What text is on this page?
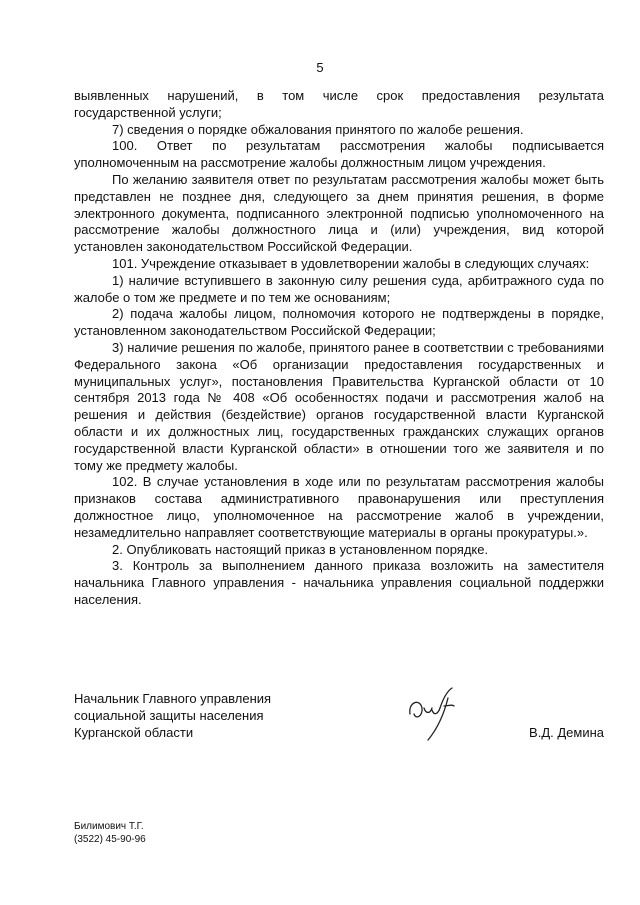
5

выявленных нарушений, в том числе срок предоставления результата государственной услуги;

7) сведения о порядке обжалования принятого по жалобе решения.

100. Ответ по результатам рассмотрения жалобы подписывается уполномоченным на рассмотрение жалобы должностным лицом учреждения.

По желанию заявителя ответ по результатам рассмотрения жалобы может быть представлен не позднее дня, следующего за днем принятия решения, в форме электронного документа, подписанного электронной подписью уполномоченного на рассмотрение жалобы должностного лица и (или) учреждения, вид которой установлен законодательством Российской Федерации.

101. Учреждение отказывает в удовлетворении жалобы в следующих случаях:

1) наличие вступившего в законную силу решения суда, арбитражного суда по жалобе о том же предмете и по тем же основаниям;

2) подача жалобы лицом, полномочия которого не подтверждены в порядке, установленном законодательством Российской Федерации;

3) наличие решения по жалобе, принятого ранее в соответствии с требованиями Федерального закона «Об организации предоставления государственных и муниципальных услуг», постановления Правительства Курганской области от 10 сентября 2013 года № 408 «Об особенностях подачи и рассмотрения жалоб на решения и действия (бездействие) органов государственной власти Курганской области и их должностных лиц, государственных гражданских служащих органов государственной власти Курганской области» в отношении того же заявителя и по тому же предмету жалобы.

102. В случае установления в ходе или по результатам рассмотрения жалобы признаков состава административного правонарушения или преступления должностное лицо, уполномоченное на рассмотрение жалоб в учреждении, незамедлительно направляет соответствующие материалы в органы прокуратуры.».

2. Опубликовать настоящий приказ в установленном порядке.

3. Контроль за выполнением данного приказа возложить на заместителя начальника Главного управления - начальника управления социальной поддержки населения.

Начальник Главного управления
социальной защиты населения
Курганской области	В.Д. Демина
Билимович Т.Г.
(3522) 45-90-96
